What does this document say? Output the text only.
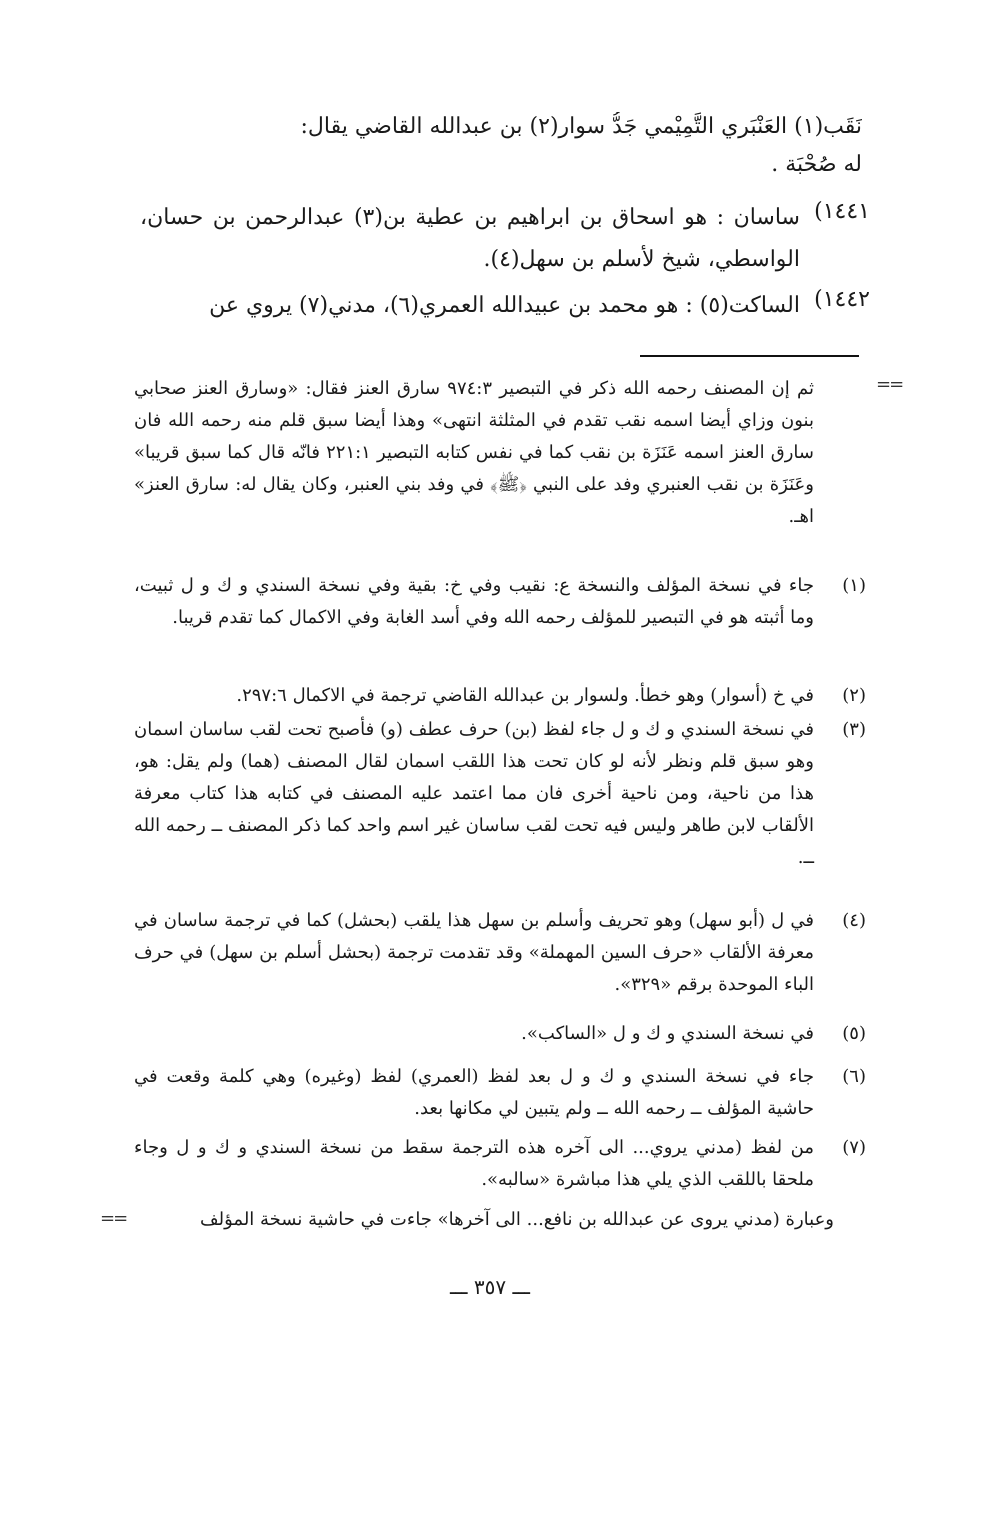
نَقَب(١) العَنْبَري التَّمِيْمي جَدُّ سوار(٢) بن عبدالله القاضي يقال:
له صُحْبَة .
١٤٤١)
ساسان : هو اسحاق بن ابراهيم بن عطية بن(٣) عبدالرحمن بن حسان، الواسطي، شيخ لأسلم بن سهل(٤).
١٤٤٢)
الساكت(٥) : هو محمد بن عبيدالله العمري(٦)، مدني(٧) يروي عن
==
ثم إن المصنف رحمه الله ذكر في التبصير ٩٧٤:٣ سارق العنز فقال: «وسارق العنز صحابي بنون وزاي أيضا اسمه نقب تقدم في المثلثة انتهى» وهذا أيضا سبق قلم منه رحمه الله فان سارق العنز اسمه عَنَزَة بن نقب كما في نفس كتابه التبصير ٢٢١:١ فانّه قال كما سبق قريبا» وعَنَزَة بن نقب العنبري وفد على النبي ﴿ﷺ﴾ في وفد بني العنبر، وكان يقال له: سارق العنز» اهـ.
(١)
جاء في نسخة المؤلف والنسخة ع: نقيب وفي خ: بقية وفي نسخة السندي و ك و ل ثبيت، وما أثبته هو في التبصير للمؤلف رحمه الله وفي أسد الغابة وفي الاكمال كما تقدم قريبا.
(٢)
في خ (أسوار) وهو خطأ. ولسوار بن عبدالله القاضي ترجمة في الاكمال ٢٩٧:٦.
(٣)
في نسخة السندي و ك و ل جاء لفظ (بن) حرف عطف (و) فأصبح تحت لقب ساسان اسمان وهو سبق قلم ونظر لأنه لو كان تحت هذا اللقب اسمان لقال المصنف (هما) ولم يقل: هو، هذا من ناحية، ومن ناحية أخرى فان مما اعتمد عليه المصنف في كتابه هذا كتاب معرفة الألقاب لابن طاهر وليس فيه تحت لقب ساسان غير اسم واحد كما ذكر المصنف ــ رحمه الله ــ.
(٤)
في ل (أبو سهل) وهو تحريف وأسلم بن سهل هذا يلقب (بحشل) كما في ترجمة ساسان في معرفة الألقاب «حرف السين المهملة» وقد تقدمت ترجمة (بحشل أسلم بن سهل) في حرف الباء الموحدة برقم «٣٢٩».
(٥)
في نسخة السندي و ك و ل «الساكب».
(٦)
جاء في نسخة السندي و ك و ل بعد لفظ (العمري) لفظ (وغيره) وهي كلمة وقعت في حاشية المؤلف ــ رحمه الله ــ ولم يتبين لي مكانها بعد.
(٧)
من لفظ (مدني يروي... الى آخره هذه الترجمة سقط من نسخة السندي و ك و ل وجاء ملحقا باللقب الذي يلي هذا مباشرة «سالبه».
وعبارة (مدني يروى عن عبدالله بن نافع... الى آخرها» جاءت في حاشية نسخة المؤلف
==
ـــ ٣٥٧ ـــ
